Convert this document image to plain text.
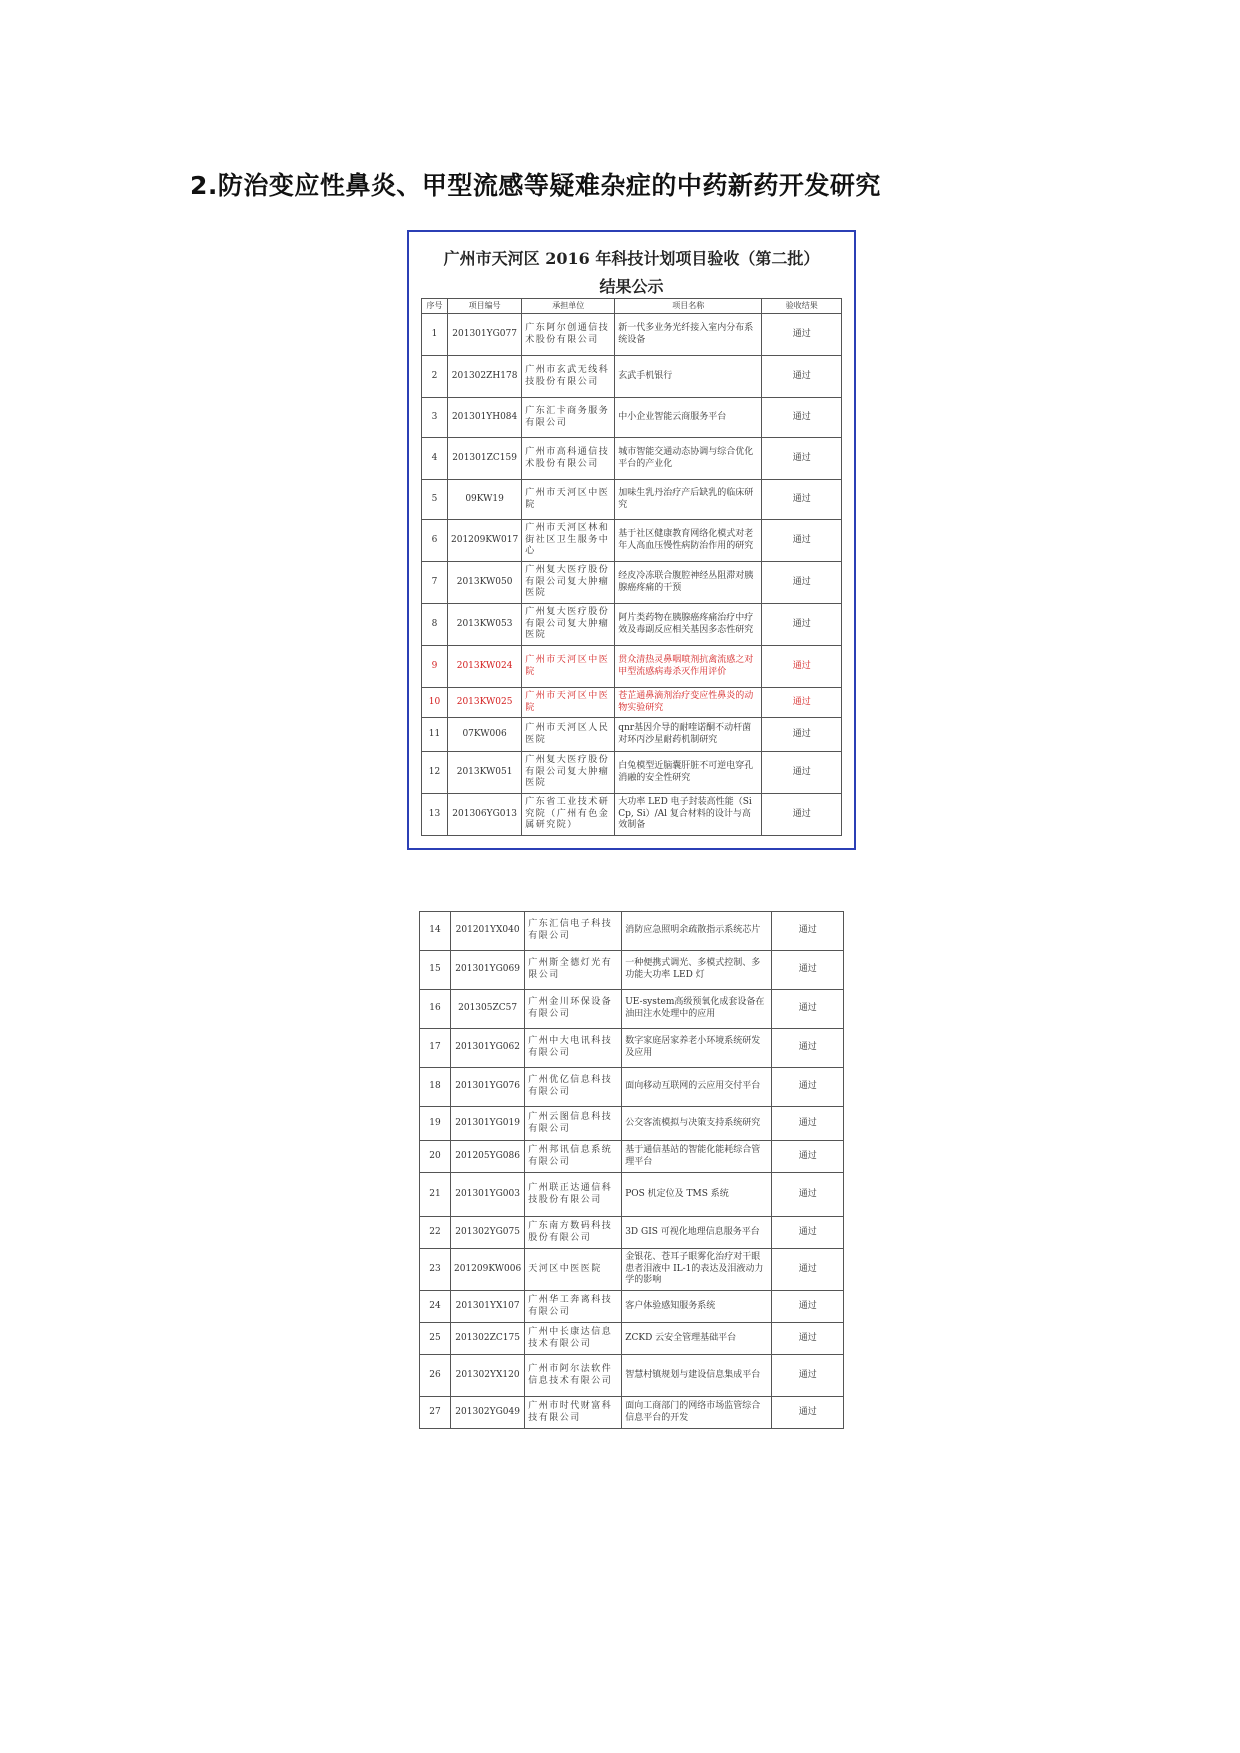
2.防治变应性鼻炎、甲型流感等疑难杂症的中药新药开发研究
广州市天河区 2016 年科技计划项目验收（第二批）
结果公示
序号	项目编号	承担单位	项目名称	验收结果
1	201301YG077	广东阿尔创通信技术股份有限公司	新一代多业务光纤接入室内分布系统设备	通过
2	201302ZH178	广州市玄武无线科技股份有限公司	玄武手机银行	通过
3	201301YH084	广东汇卡商务服务有限公司	中小企业智能云商服务平台	通过
4	201301ZC159	广州市高科通信技术股份有限公司	城市智能交通动态协调与综合优化平台的产业化	通过
5	09KW19	广州市天河区中医院	加味生乳丹治疗产后缺乳的临床研究	通过
6	201209KW017	广州市天河区林和街社区卫生服务中心	基于社区健康教育网络化模式对老年人高血压慢性病防治作用的研究	通过
7	2013KW050	广州复大医疗股份有限公司复大肿瘤医院	经皮冷冻联合腹腔神经丛阻滞对胰腺癌疼痛的干预	通过
8	2013KW053	广州复大医疗股份有限公司复大肿瘤医院	阿片类药物在胰腺癌疼痛治疗中疗效及毒副反应相关基因多态性研究	通过
9	2013KW024	广州市天河区中医院	贯众清热灵鼻咽喷剂抗禽流感之对甲型流感病毒杀灭作用评价	通过
10	2013KW025	广州市天河区中医院	苍芷通鼻滴剂治疗变应性鼻炎的动物实验研究	通过
11	07KW006	广州市天河区人民医院	qnr基因介导的耐喹诺酮不动杆菌对环丙沙星耐药机制研究	通过
12	2013KW051	广州复大医疗股份有限公司复大肿瘤医院	白兔模型近脑囊肝脏不可逆电穿孔消融的安全性研究	通过
13	201306YG013	广东省工业技术研究院（广州有色金属研究院）	大功率 LED 电子封装高性能（SiCp, Si）/Al 复合材料的设计与高效制备	通过
14	201201YX040	广东汇信电子科技有限公司	消防应急照明余疏散指示系统芯片	通过
15	201301YG069	广州斯全德灯光有限公司	一种便携式调光、多模式控制、多功能大功率 LED 灯	通过
16	201305ZC57	广州金川环保设备有限公司	UE-system高级预氧化成套设备在油田注水处理中的应用	通过
17	201301YG062	广州中大电讯科技有限公司	数字家庭居家养老小环境系统研发及应用	通过
18	201301YG076	广州优亿信息科技有限公司	面向移动互联网的云应用交付平台	通过
19	201301YG019	广州云图信息科技有限公司	公交客流模拟与决策支持系统研究	通过
20	201205YG086	广州邦讯信息系统有限公司	基于通信基站的智能化能耗综合管理平台	通过
21	201301YG003	广州联正达通信科技股份有限公司	POS 机定位及 TMS 系统	通过
22	201302YG075	广东南方数码科技股份有限公司	3D GIS 可视化地理信息服务平台	通过
23	201209KW006	天河区中医医院	金银花、苍耳子眼雾化治疗对干眼患者泪液中 IL-1的表达及泪液动力学的影响	通过
24	201301YX107	广州华工奔离科技有限公司	客户体验感知服务系统	通过
25	201302ZC175	广州中长康达信息技术有限公司	ZCKD 云安全管理基础平台	通过
26	201302YX120	广州市阿尔法软件信息技术有限公司	智慧村镇规划与建设信息集成平台	通过
27	201302YG049	广州市时代财富科技有限公司	面向工商部门的网络市场监管综合信息平台的开发	通过
